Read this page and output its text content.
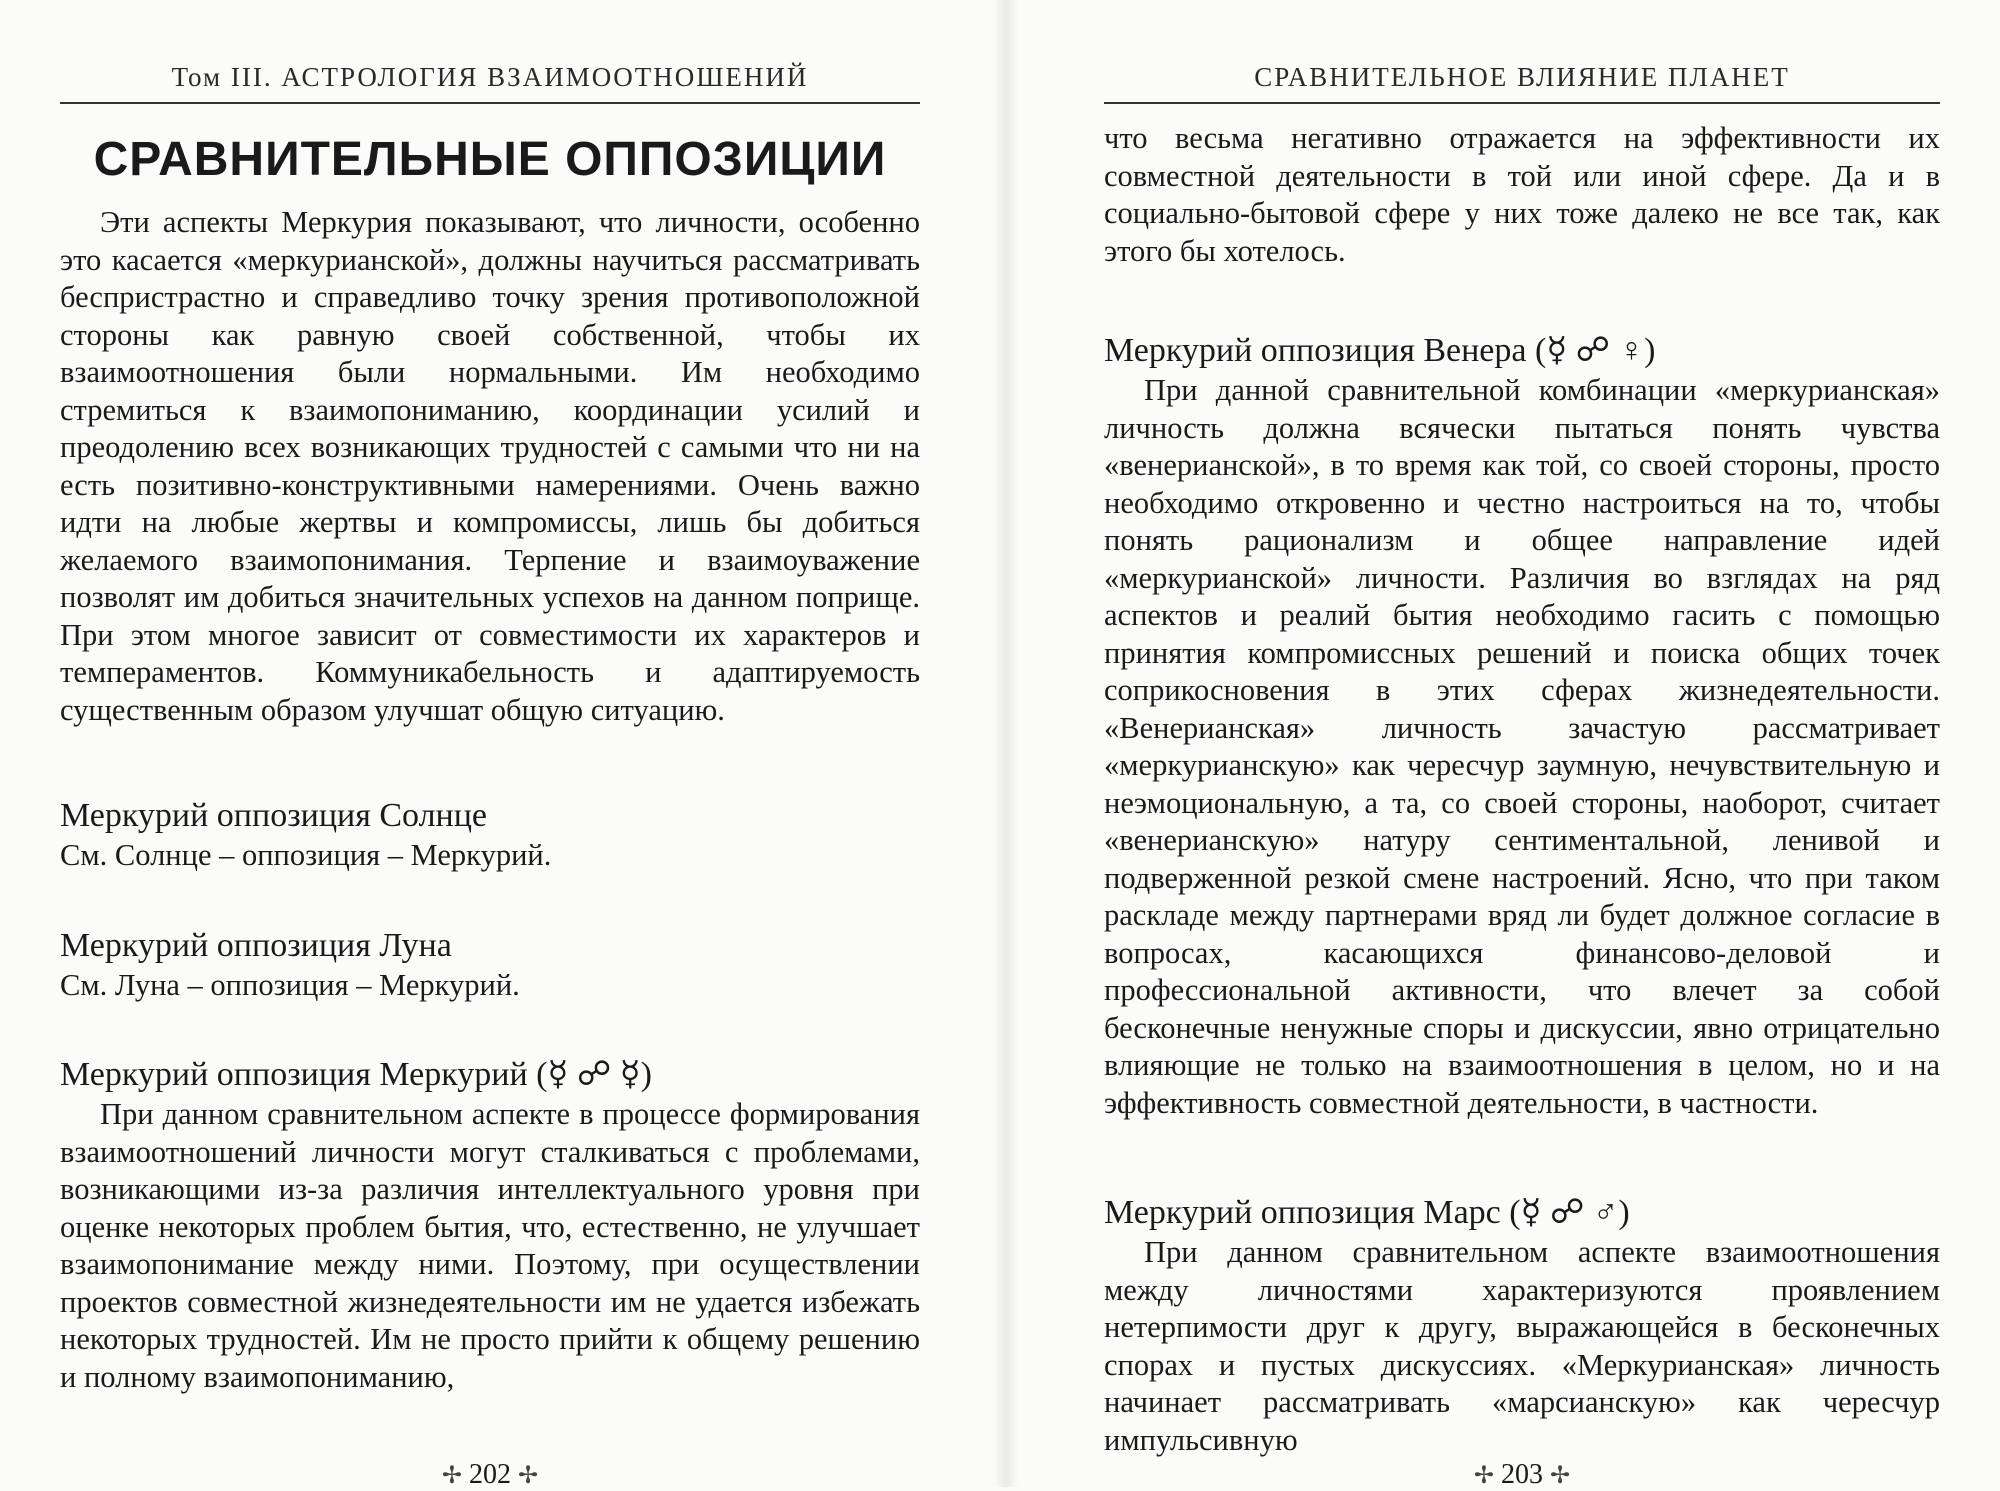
Том III. АСТРОЛОГИЯ ВЗАИМООТНОШЕНИЙ
СРАВНИТЕЛЬНЫЕ ОППОЗИЦИИ

Эти аспекты Меркурия показывают, что личности, особенно это касается «меркурианской», должны научиться рассматривать беспристрастно и справедливо точку зрения противоположной стороны как равную своей собственной, чтобы их взаимоотношения были нормальными. Им необходимо стремиться к взаимопониманию, координации усилий и преодолению всех возникающих трудностей с самыми что ни на есть позитивно-конструктивными намерениями. Очень важно идти на любые жертвы и компромиссы, лишь бы добиться желаемого взаимопонимания. Терпение и взаимоуважение позволят им добиться значительных успехов на данном поприще. При этом многое зависит от совместимости их характеров и темпераментов. Коммуникабельность и адаптируемость существенным образом улучшат общую ситуацию.

Меркурий оппозиция Солнце

См. Солнце – оппозиция – Меркурий.

Меркурий оппозиция Луна

См. Луна – оппозиция – Меркурий.

Меркурий оппозиция Меркурий (☿ ☍ ☿)

При данном сравнительном аспекте в процессе формирования взаимоотношений личности могут сталкиваться с проблемами, возникающими из-за различия интеллектуального уровня при оценке некоторых проблем бытия, что, естественно, не улучшает взаимопонимание между ними. Поэтому, при осуществлении проектов совместной жизнедеятельности им не удается избежать некоторых трудностей. Им не просто прийти к общему решению и полному взаимопониманию,

✢ 202 ✢
СРАВНИТЕЛЬНОЕ ВЛИЯНИЕ ПЛАНЕТ

что весьма негативно отражается на эффективности их совместной деятельности в той или иной сфере. Да и в социально-бытовой сфере у них тоже далеко не все так, как этого бы хотелось.

Меркурий оппозиция Венера (☿ ☍ ♀)

При данной сравнительной комбинации «меркурианская» личность должна всячески пытаться понять чувства «венерианской», в то время как той, со своей стороны, просто необходимо откровенно и честно настроиться на то, чтобы понять рационализм и общее направление идей «меркурианской» личности. Различия во взглядах на ряд аспектов и реалий бытия необходимо гасить с помощью принятия компромиссных решений и поиска общих точек соприкосновения в этих сферах жизнедеятельности. «Венерианская» личность зачастую рассматривает «меркурианскую» как чересчур заумную, нечувствительную и неэмоциональную, а та, со своей стороны, наоборот, считает «венерианскую» натуру сентиментальной, ленивой и подверженной резкой смене настроений. Ясно, что при таком раскладе между партнерами вряд ли будет должное согласие в вопросах, касающихся финансово-деловой и профессиональной активности, что влечет за собой бесконечные ненужные споры и дискуссии, явно отрицательно влияющие не только на взаимоотношения в целом, но и на эффективность совместной деятельности, в частности.

Меркурий оппозиция Марс (☿ ☍ ♂)

При данном сравнительном аспекте взаимоотношения между личностями характеризуются проявлением нетерпимости друг к другу, выражающейся в бесконечных спорах и пустых дискуссиях. «Меркурианская» личность начинает рассматривать «марсианскую» как чересчур импульсивную

✢ 203 ✢
